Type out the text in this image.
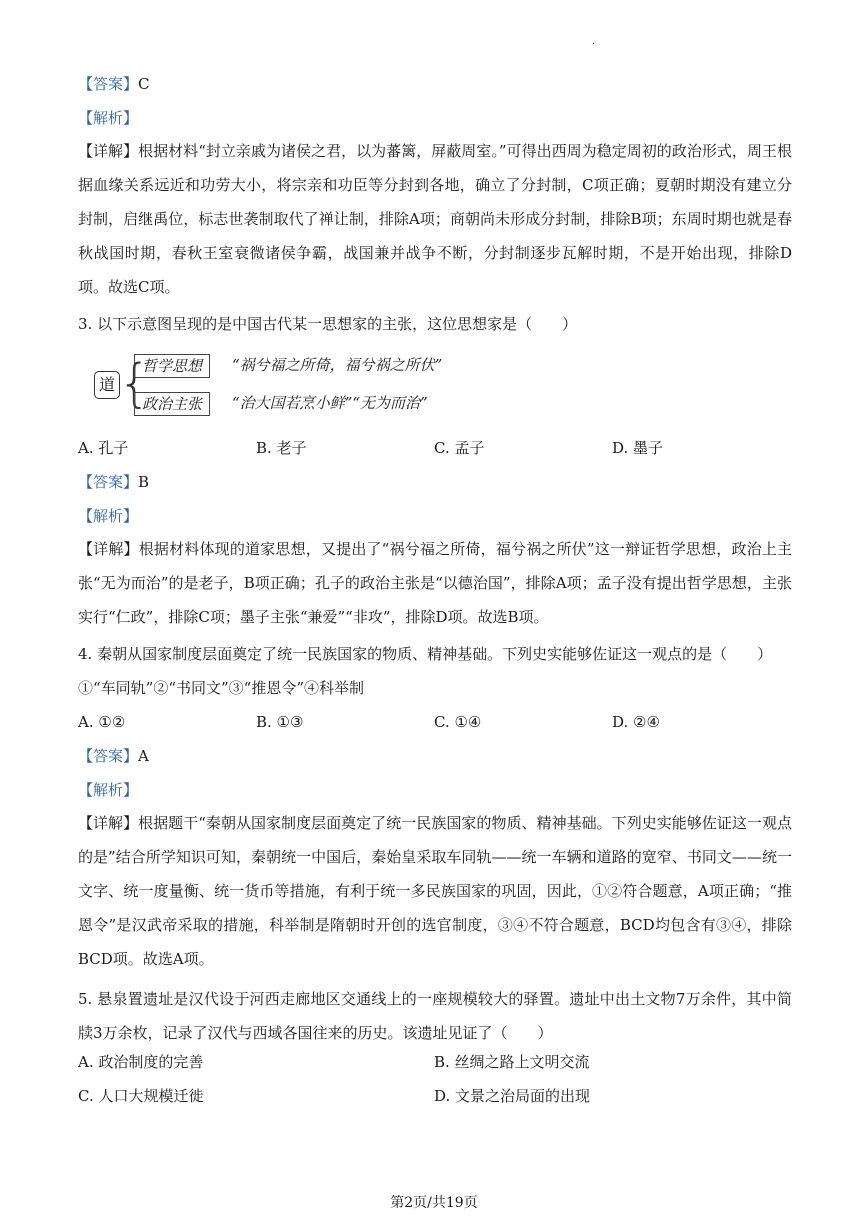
.
【答案】C
【解析】
【详解】根据材料“封立亲戚为诸侯之君，以为蕃篱，屏蔽周室。”可得出西周为稳定周初的政治形式，周王根据血缘关系远近和功劳大小，将宗亲和功臣等分封到各地，确立了分封制，C项正确；夏朝时期没有建立分封制，启继禹位，标志世袭制取代了禅让制，排除A项；商朝尚未形成分封制，排除B项；东周时期也就是春秋战国时期，春秋王室衰微诸侯争霸，战国兼并战争不断，分封制逐步瓦解时期，不是开始出现，排除D项。故选C项。
3. 以下示意图呈现的是中国古代某一思想家的主张，这位思想家是（　　）
道 {
哲学思想	“祸兮福之所倚，福兮祸之所伏”
政治主张	“治大国若烹小鲜”“无为而治”
A. 孔子	B. 老子	C. 孟子	D. 墨子
【答案】B
【解析】
【详解】根据材料体现的道家思想，又提出了“祸兮福之所倚，福兮祸之所伏”这一辩证哲学思想，政治上主张“无为而治”的是老子，B项正确；孔子的政治主张是“以德治国”，排除A项；孟子没有提出哲学思想，主张实行“仁政”，排除C项；墨子主张“兼爱”“非攻”，排除D项。故选B项。
4. 秦朝从国家制度层面奠定了统一民族国家的物质、精神基础。下列史实能够佐证这一观点的是（　　）
①“车同轨”②“书同文”③“推恩令”④科举制
A. ①②	B. ①③	C. ①④	D. ②④
【答案】A
【解析】
【详解】根据题干“秦朝从国家制度层面奠定了统一民族国家的物质、精神基础。下列史实能够佐证这一观点的是”结合所学知识可知，秦朝统一中国后，秦始皇采取车同轨——统一车辆和道路的宽窄、书同文——统一文字、统一度量衡、统一货币等措施，有利于统一多民族国家的巩固，因此，①②符合题意，A项正确；“推恩令”是汉武帝采取的措施，科举制是隋朝时开创的选官制度，③④不符合题意，BCD均包含有③④，排除BCD项。故选A项。
5. 悬泉置遗址是汉代设于河西走廊地区交通线上的一座规模较大的驿置。遗址中出土文物7万余件，其中简牍3万余枚，记录了汉代与西域各国往来的历史。该遗址见证了（　　）
A. 政治制度的完善	B. 丝绸之路上文明交流
C. 人口大规模迁徙	D. 文景之治局面的出现
第2页/共19页
